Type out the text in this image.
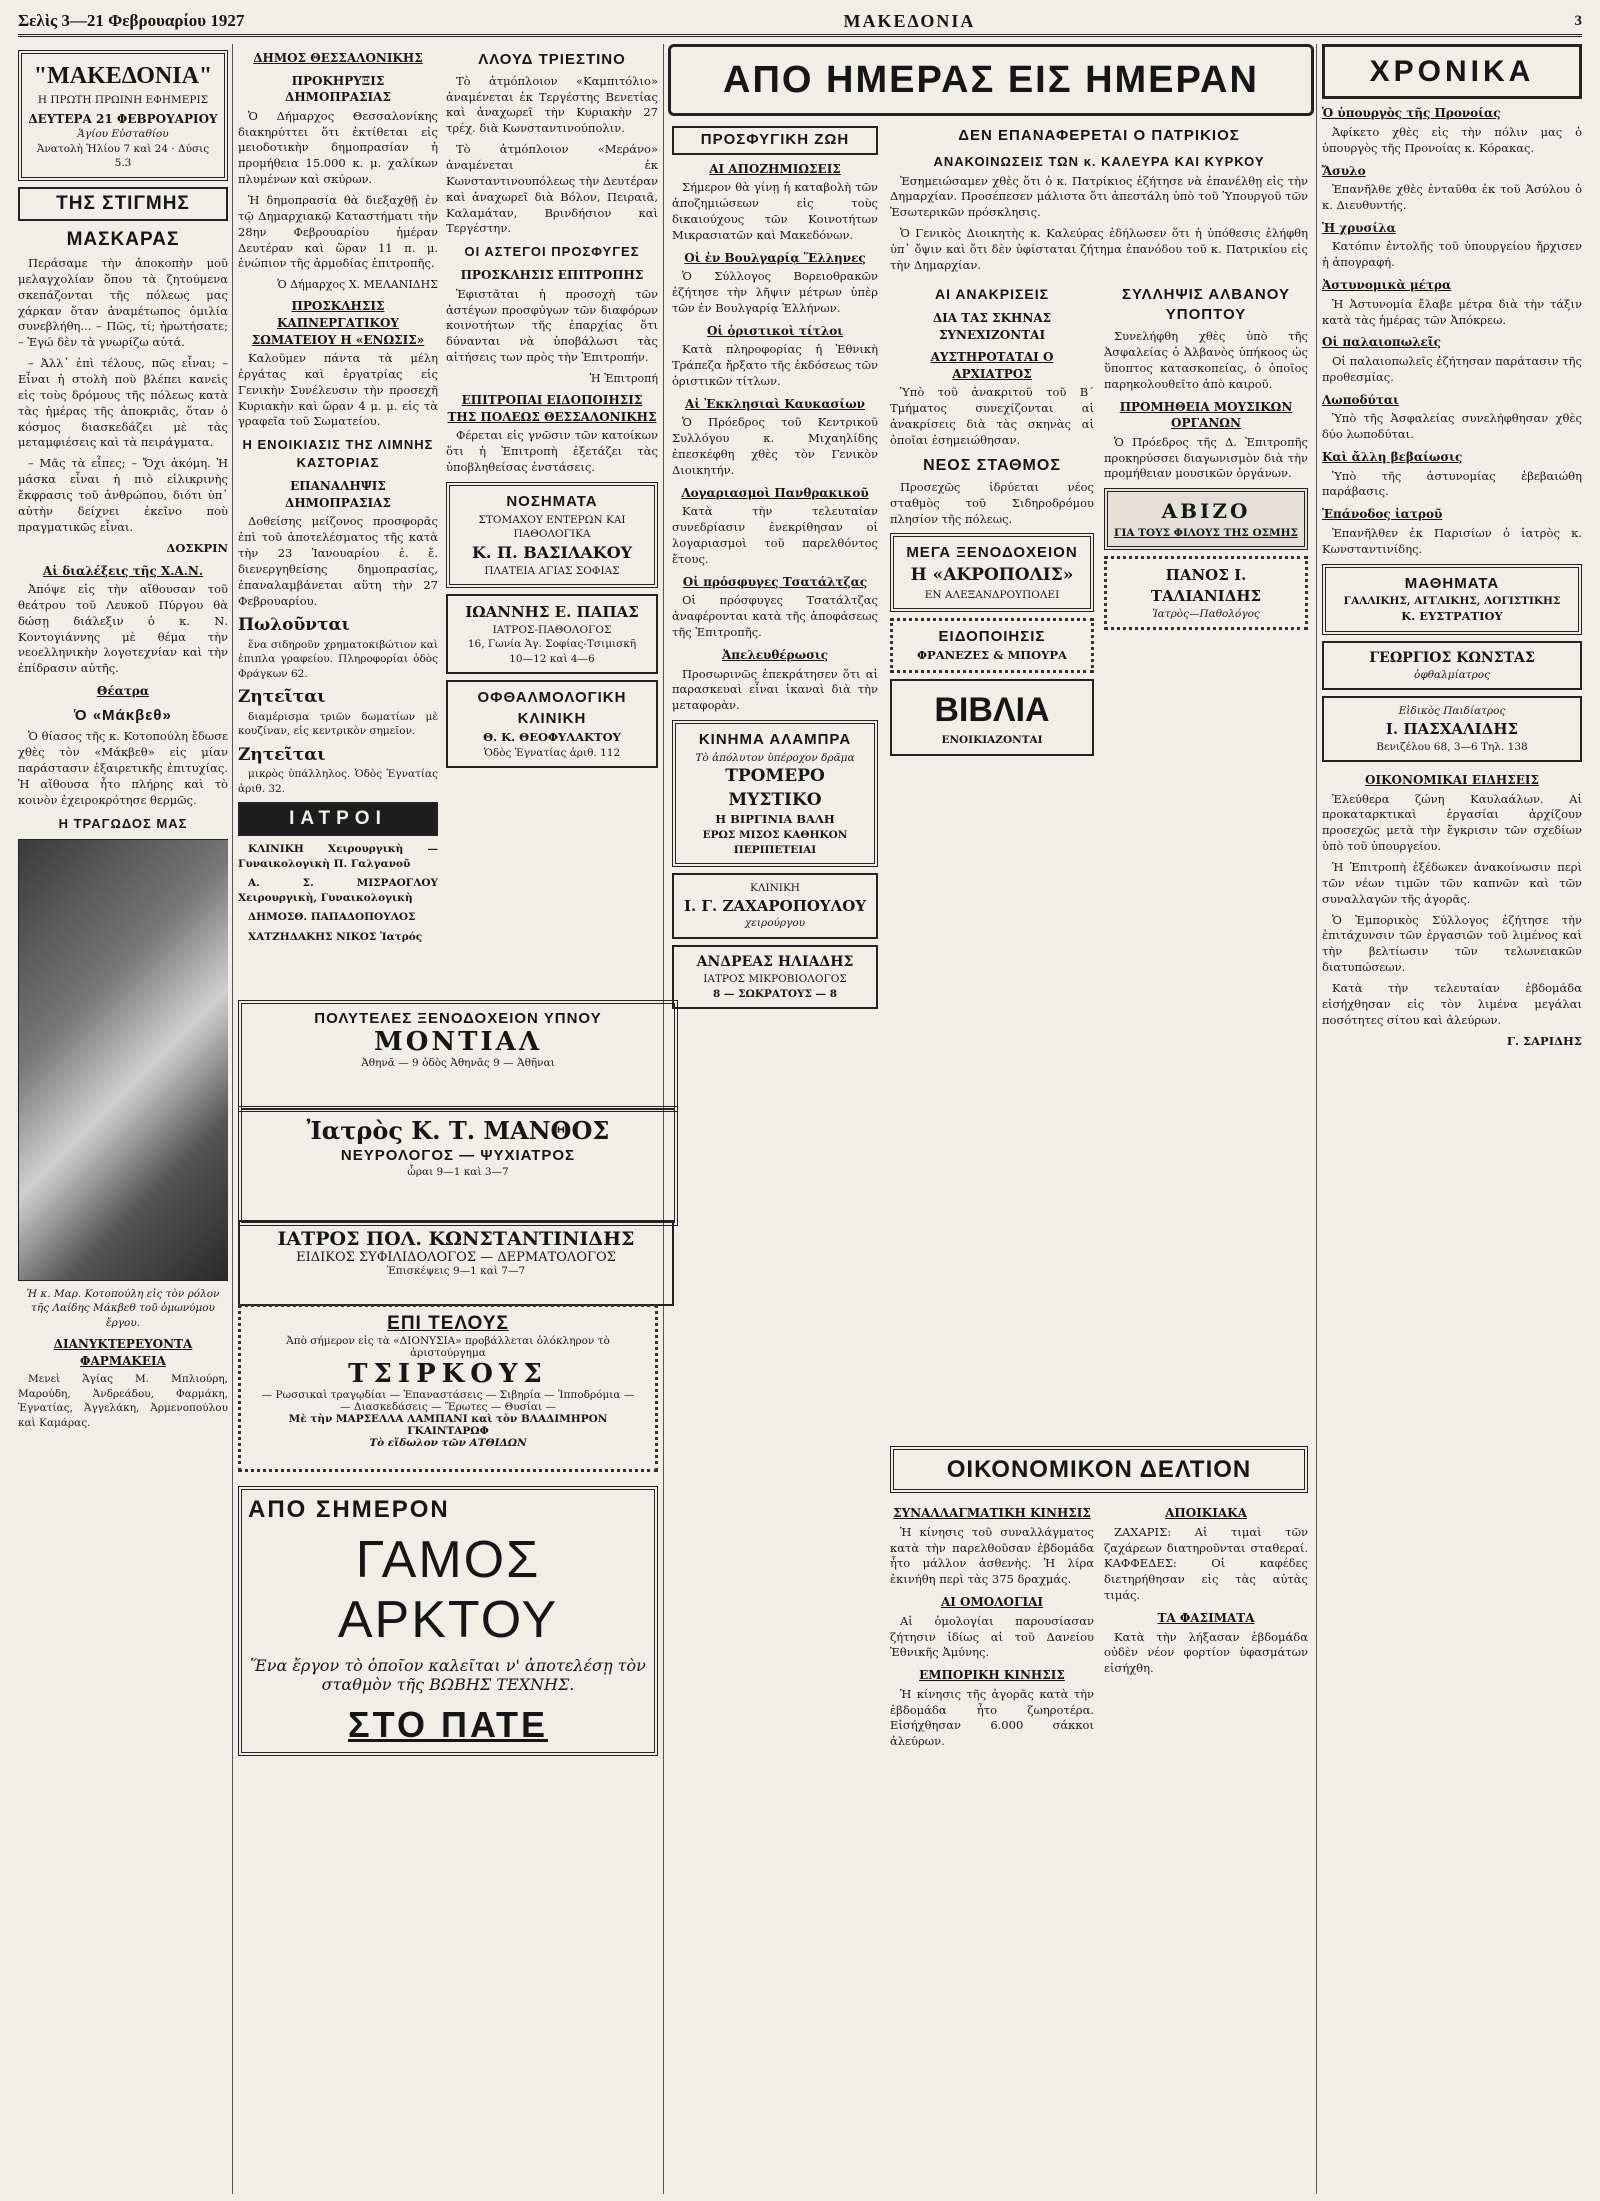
Σελὶς 3—21 Φεβρουαρίου 1927	ΜΑΚΕΔΟΝΙΑ	3
"ΜΑΚΕΔΟΝΙΑ"
Η ΠΡΩΤΗ ΠΡΩΙΝΗ ΕΦΗΜΕΡΙΣ
ΔΕΥΤΕΡΑ 21 ΦΕΒΡΟΥΑΡΙΟΥ
Ἁγίου Εὐσταθίου
Ἀνατολὴ Ἡλίου 7 καὶ 24 · Δύσις 5.3
ΤΗΣ ΣΤΙΓΜΗΣ
ΜΑΣΚΑΡΑΣ

Περάσαμε τὴν ἀποκοπὴν μοῦ μελαγχολίαν ὅπου τὰ ζητούμενα σκεπάζονται τῆς πόλεως μας χάρκαν ὅταν ἀναμέτωπος ὁμιλία συνεβλήθη... – Πῶς, τί; ἠρωτήσατε; – Ἐγώ δὲν τὰ γνωρίζω αὐτά.

– Ἀλλ᾽ ἐπὶ τέλους, πῶς εἶναι; – Εἶναι ἡ στολὴ ποὺ βλέπει κανεὶς εἰς τοὺς δρόμους τῆς πόλεως κατὰ τὰς ἡμέρας τῆς ἀποκριᾶς, ὅταν ὁ κόσμος διασκεδάζει μὲ τὰς μεταμφιέσεις καὶ τὰ πειράγματα.

– Μᾶς τὰ εἶπες; – Ὄχι ἀκόμη. Ἡ μάσκα εἶναι ἡ πιὸ εἰλικρινὴς ἔκφρασις τοῦ ἀνθρώπου, διότι ὑπ᾽ αὐτὴν δείχνει ἐκεῖνο ποὺ πραγματικῶς εἶναι.

ΔΟΣΚΡΙΝ
Αἱ διαλέξεις τῆς Χ.Α.Ν.

Ἀπόψε εἰς τὴν αἴθουσαν τοῦ θεάτρου τοῦ Λευκοῦ Πύργου θὰ δώσῃ διάλεξιν ὁ κ. Ν. Κοντογιάννης μὲ θέμα τὴν νεοελληνικὴν λογοτεχνίαν καὶ τὴν ἐπίδρασιν αὐτῆς.

Θέατρα
Ὁ «Μάκβεθ»

Ὁ θίασος τῆς κ. Κοτοπούλη ἔδωσε χθὲς τὸν «Μάκβεθ» εἰς μίαν παράστασιν ἐξαιρετικῆς ἐπιτυχίας. Ἡ αἴθουσα ἦτο πλήρης καὶ τὸ κοινὸν ἐχειροκρότησε θερμῶς.

Η ΤΡΑΓΩΔΟΣ ΜΑΣ
Ἡ κ. Μαρ. Κοτοπούλη εἰς τὸν ρόλον τῆς Λαίδης Μάκβεθ τοῦ ὁμωνύμου ἔργου.
ΔΙΑΝΥΚΤΕΡΕΥΟΝΤΑ ΦΑΡΜΑΚΕΙΑ

Μενεὶ Ἁγίας Μ. Μπλιούρη, Μαρούδη, Ἀνδρεάδου, Φαρμάκη, Ἐγνατίας, Ἀγγελάκη, Ἀρμενοπούλου καὶ Καμάρας.

ΔΗΜΟΣ ΘΕΣΣΑΛΟΝΙΚΗΣ
ΠΡΟΚΗΡΥΞΙΣ ΔΗΜΟΠΡΑΣΙΑΣ

Ὁ Δήμαρχος Θεσσαλονίκης διακηρύττει ὅτι ἐκτίθεται εἰς μειοδοτικὴν δημοπρασίαν ἡ προμήθεια 15.000 κ. μ. χαλίκων πλυμένων καὶ σκύρων.

Ἡ δημοπρασία θὰ διεξαχθῇ ἐν τῷ Δημαρχιακῷ Καταστήματι τὴν 28ην Φεβρουαρίου ἡμέραν Δευτέραν καὶ ὥραν 11 π. μ. ἐνώπιον τῆς ἁρμοδίας ἐπιτροπῆς.

Ὁ Δήμαρχος Χ. ΜΕΛΑΝΙΔΗΣ
ΠΡΟΣΚΛΗΣΙΣ ΚΑΠΝΕΡΓΑΤΙΚΟΥ ΣΩΜΑΤΕΙΟΥ Η «ΕΝΩΣΙΣ»

Καλοῦμεν πάντα τὰ μέλη ἐργάτας καὶ ἐργατρίας εἰς Γενικὴν Συνέλευσιν τὴν προσεχῆ Κυριακὴν καὶ ὥραν 4 μ. μ. εἰς τὰ γραφεῖα τοῦ Σωματείου.

Η ΕΝΟΙΚΙΑΣΙΣ ΤΗΣ ΛΙΜΝΗΣ ΚΑΣΤΟΡΙΑΣ
ΕΠΑΝΑΛΗΨΙΣ ΔΗΜΟΠΡΑΣΙΑΣ

Δοθείσης μείζονος προσφορᾶς ἐπὶ τοῦ ἀποτελέσματος τῆς κατὰ τὴν 23 Ἰανουαρίου ἐ. ἔ. διενεργηθείσης δημοπρασίας, ἐπαναλαμβάνεται αὕτη τὴν 27 Φεβρουαρίου.

Πωλοῦνται

ἕνα σιδηροῦν χρηματοκιβώτιον καὶ ἐπιπλα γραφείου. Πληροφορίαι ὁδὸς Φράγκων 62.

Ζητεῖται

διαμέρισμα τριῶν δωματίων μὲ κουζίναν, εἰς κεντρικὸν σημεῖον.

Ζητεῖται

μικρὸς ὑπάλληλος. Ὁδὸς Ἐγνατίας ἀριθ. 32.

ΙΑΤΡΟΙ

ΚΛΙΝΙΚΗ Χειρουργικὴ — Γυναικολογικὴ Π. Γαλγανοῦ

Α. Σ. ΜΙΣΡΑΟΓΛΟΥ Χειρουργικὴ, Γυναικολογικὴ

ΔΗΜΟΣΘ. ΠΑΠΑΔΟΠΟΥΛΟΣ

ΧΑΤΖΗΔΑΚΗΣ ΝΙΚΟΣ Ἰατρός

ΛΛΟΥΔ ΤΡΙΕΣΤΙΝΟ

Τὸ ἀτμόπλοιον «Καμπιτόλιο» ἀναμένεται ἐκ Τεργέστης Βενετίας καὶ ἀναχωρεῖ τὴν Κυριακὴν 27 τρέχ. διὰ Κωνσταντινούπολιν.

Τὸ ἀτμόπλοιον «Μεράνο» ἀναμένεται ἐκ Κωνσταντινουπόλεως τὴν Δευτέραν καὶ ἀναχωρεῖ διὰ Βόλον, Πειραιᾶ, Καλαμάταν, Βρινδήσιον καὶ Τεργέστην.

ΟΙ ΑΣΤΕΓΟΙ ΠΡΟΣΦΥΓΕΣ
ΠΡΟΣΚΛΗΣΙΣ ΕΠΙΤΡΟΠΗΣ

Ἐφιστᾶται ἡ προσοχὴ τῶν ἀστέγων προσφύγων τῶν διαφόρων κοινοτήτων τῆς ἐπαρχίας ὅτι δύνανται νὰ ὑποβάλωσι τὰς αἰτήσεις των πρὸς τὴν Ἐπιτροπήν.

Ἡ Ἐπιτροπή
ΕΠΙΤΡΟΠΑΙ ΕΙΔΟΠΟΙΗΣΙΣ ΤΗΣ ΠΟΛΕΩΣ ΘΕΣΣΑΛΟΝΙΚΗΣ

Φέρεται εἰς γνῶσιν τῶν κατοίκων ὅτι ἡ Ἐπιτροπὴ ἐξετάζει τὰς ὑποβληθείσας ἐνστάσεις.

ΝΟΣΗΜΑΤΑ
ΣΤΟΜΑΧΟΥ ΕΝΤΕΡΩΝ ΚΑΙ ΠΑΘΟΛΟΓΙΚΑ
Κ. Π. ΒΑΣΙΛΑΚΟΥ
ΠΛΑΤΕΙΑ ΑΓΙΑΣ ΣΟΦΙΑΣ
ΙΩΑΝΝΗΣ Ε. ΠΑΠΑΣ
ΙΑΤΡΟΣ-ΠΑΘΟΛΟΓΟΣ
16, Γωνία Ἁγ. Σοφίας-Τσιμισκῆ
10—12 καὶ 4—6
ΟΦΘΑΛΜΟΛΟΓΙΚΗ ΚΛΙΝΙΚΗ
Θ. Κ. ΘΕΟΦΥΛΑΚΤΟΥ
Ὁδὸς Ἐγνατίας ἀριθ. 112
ΠΟΛΥΤΕΛΕΣ ΞΕΝΟΔΟΧΕΙΟΝ ΥΠΝΟΥ
ΜΟΝΤΙΑΛ
Ἀθηνᾶ — 9 ὁδὸς Ἀθηνᾶς 9 — Ἀθῆναι
Ἰατρὸς Κ. Τ. ΜΑΝΘΟΣ
ΝΕΥΡΟΛΟΓΟΣ — ΨΥΧΙΑΤΡΟΣ
ὧραι 9—1 καὶ 3—7
ΙΑΤΡΟΣ ΠΟΛ. ΚΩΝΣΤΑΝΤΙΝΙΔΗΣ
ΕΙΔΙΚΟΣ ΣΥΦΙΛΙΔΟΛΟΓΟΣ — ΔΕΡΜΑΤΟΛΟΓΟΣ
Ἐπισκέψεις 9—1 καὶ 7—7
ΕΠΙ ΤΕΛΟΥΣ
Ἀπὸ σήμερον εἰς τὰ «ΔΙΟΝΥΣΙΑ» προβάλλεται ὁλόκληρον τὸ ἀριστούργημα
ΤΣΙΡΚΟΥΣ
— Ρωσσικαὶ τραγῳδίαι — Ἐπαναστάσεις — Σιβηρία — Ἱπποδρόμια —
— Διασκεδάσεις — Ἔρωτες — Θυσίαι —
Μὲ τὴν ΜΑΡΣΕΛΛΑ ΛΑΜΠΑΝΙ καὶ τὸν ΒΛΑΔΙΜΗΡΟΝ ΓΚΑΙΝΤΑΡΩΦ
Τὸ εἴδωλον τῶν ΑΤΘΙΔΩΝ
ΑΠΟ ΣΗΜΕΡΟΝ
ΓΑΜΟΣ ΑΡΚΤΟΥ
Ἕνα ἔργον τὸ ὁποῖον καλεῖται ν' ἀποτελέσῃ τὸν σταθμὸν τῆς ΒΩΒΗΣ ΤΕΧΝΗΣ.
ΣΤΟ ΠΑΤΕ
ΑΠΟ ΗΜΕΡΑΣ ΕΙΣ ΗΜΕΡΑΝ
ΠΡΟΣΦΥΓΙΚΗ ΖΩΗ
ΑΙ ΑΠΟΖΗΜΙΩΣΕΙΣ

Σήμερον θὰ γίνῃ ἡ καταβολὴ τῶν ἀποζημιώσεων εἰς τοὺς δικαιούχους τῶν Κοινοτήτων Μικρασιατῶν καὶ Μακεδόνων.

Οἱ ἐν Βουλγαρίᾳ Ἕλληνες

Ὁ Σύλλογος Βορειοθρακῶν ἐζήτησε τὴν λῆψιν μέτρων ὑπὲρ τῶν ἐν Βουλγαρίᾳ Ἑλλήνων.

Οἱ ὁριστικοὶ τίτλοι

Κατὰ πληροφορίας ἡ Ἐθνικὴ Τράπεζα ἤρξατο τῆς ἐκδόσεως τῶν ὁριστικῶν τίτλων.

Αἱ Ἐκκλησιαὶ Καυκασίων

Ὁ Πρόεδρος τοῦ Κεντρικοῦ Συλλόγου κ. Μιχαηλίδης ἐπεσκέφθη χθὲς τὸν Γενικὸν Διοικητήν.

Λογαριασμοὶ Πανθρακικοῦ

Κατὰ τὴν τελευταίαν συνεδρίασιν ἐνεκρίθησαν οἱ λογαριασμοὶ τοῦ παρελθόντος ἔτους.

Οἱ πρόσφυγες Τσατάλτζας

Οἱ πρόσφυγες Τσατάλτζας ἀναφέρονται κατὰ τῆς ἀποφάσεως τῆς Ἐπιτροπῆς.

Ἀπελευθέρωσις

Προσωρινῶς ἐπεκράτησεν ὅτι αἱ παρασκευαὶ εἶναι ἱκαναὶ διὰ τὴν μεταφορὰν.

ΚΙΝΗΜΑ ΑΛΑΜΠΡΑ
Τὸ ἀπόλυτον ὑπέροχον δρᾶμα
ΤΡΟΜΕΡΟ ΜΥΣΤΙΚΟ
Η ΒΙΡΓΙΝΙΑ ΒΑΛΗ
ΕΡΩΣ ΜΙΣΟΣ ΚΑΘΗΚΟΝ ΠΕΡΙΠΕΤΕΙΑΙ
ΚΛΙΝΙΚΗ
Ι. Γ. ΖΑΧΑΡΟΠΟΥΛΟΥ
χειρούργου
ΑΝΔΡΕΑΣ ΗΛΙΑΔΗΣ
ΙΑΤΡΟΣ ΜΙΚΡΟΒΙΟΛΟΓΟΣ
8 — ΣΩΚΡΑΤΟΥΣ — 8
ΔΕΝ ΕΠΑΝΑΦΕΡΕΤΑΙ Ο ΠΑΤΡΙΚΙΟΣ
ΑΝΑΚΟΙΝΩΣΕΙΣ ΤΩΝ κ. ΚΑΛΕΥΡΑ ΚΑΙ ΚΥΡΚΟΥ

Ἐσημειώσαμεν χθὲς ὅτι ὁ κ. Πατρίκιος ἐζήτησε νὰ ἐπανέλθῃ εἰς τὴν Δημαρχίαν. Προσέπεσεν μάλιστα ὅτι ἀπεστάλη ὑπὸ τοῦ Ὑπουργοῦ τῶν Ἐσωτερικῶν πρόσκλησις.

Ὁ Γενικὸς Διοικητὴς κ. Καλεύρας ἐδήλωσεν ὅτι ἡ ὑπόθεσις ἐλήφθη ὑπ᾽ ὄψιν καὶ ὅτι δὲν ὑφίσταται ζήτημα ἐπανόδου τοῦ κ. Πατρικίου εἰς τὴν Δημαρχίαν.

ΑΙ ΑΝΑΚΡΙΣΕΙΣ
ΔΙΑ ΤΑΣ ΣΚΗΝΑΣ ΣΥΝΕΧΙΖΟΝΤΑΙ
ΑΥΣΤΗΡΟΤΑΤΑΙ Ο ΑΡΧΙΑΤΡΟΣ

Ὑπὸ τοῦ ἀνακριτοῦ τοῦ Β´ Τμήματος συνεχίζονται αἱ ἀνακρίσεις διὰ τὰς σκηνὰς αἱ ὁποῖαι ἐσημειώθησαν.

ΝΕΟΣ ΣΤΑΘΜΟΣ

Προσεχῶς ἱδρύεται νέος σταθμὸς τοῦ Σιδηροδρόμου πλησίον τῆς πόλεως.

ΜΕΓΑ ΞΕΝΟΔΟΧΕΙΟΝ
Η «ΑΚΡΟΠΟΛΙΣ»
ΕΝ ΑΛΕΞΑΝΔΡΟΥΠΟΛΕΙ
ΕΙΔΟΠΟΙΗΣΙΣ
ΦΡΑΝΕΖΕΣ & ΜΠΟΥΡΑ
ΒΙΒΛΙΑ
ΕΝΟΙΚΙΑΖΟΝΤΑΙ
ΣΥΛΛΗΨΙΣ ΑΛΒΑΝΟΥ ΥΠΟΠΤΟΥ

Συνελήφθη χθὲς ὑπὸ τῆς Ἀσφαλείας ὁ Ἀλβανὸς ὑπήκοος ὡς ὕποπτος κατασκοπείας, ὁ ὁποῖος παρηκολουθεῖτο ἀπὸ καιροῦ.

ΠΡΟΜΗΘΕΙΑ ΜΟΥΣΙΚΩΝ ΟΡΓΑΝΩΝ

Ὁ Πρόεδρος τῆς Δ. Ἐπιτροπῆς προκηρύσσει διαγωνισμὸν διὰ τὴν προμήθειαν μουσικῶν ὀργάνων.

ΑΒΙΖΟ
ΓΙΑ ΤΟΥΣ ΦΙΛΟΥΣ ΤΗΣ ΟΣΜΗΣ
ΠΑΝΟΣ Ι. ΤΑΛΙΑΝΙΔΗΣ
Ἰατρὸς—Παθολόγος
ΟΙΚΟΝΟΜΙΚΟΝ ΔΕΛΤΙΟΝ
ΣΥΝΑΛΛΑΓΜΑΤΙΚΗ ΚΙΝΗΣΙΣ

Ἡ κίνησις τοῦ συναλλάγματος κατὰ τὴν παρελθοῦσαν ἑβδομάδα ἦτο μάλλον ἀσθενὴς. Ἡ λίρα ἐκινήθη περὶ τὰς 375 δραχμάς.

ΑΙ ΟΜΟΛΟΓΙΑΙ

Αἱ ὁμολογίαι παρουσίασαν ζήτησιν ἰδίως αἱ τοῦ Δανείου Ἐθνικῆς Ἀμύνης.

ΕΜΠΟΡΙΚΗ ΚΙΝΗΣΙΣ

Ἡ κίνησις τῆς ἀγορᾶς κατὰ τὴν ἑβδομάδα ἦτο ζωηροτέρα. Εἰσήχθησαν 6.000 σάκκοι ἀλεύρων.

ΑΠΟΙΚΙΑΚΑ

ΖΑΧΑΡΙΣ: Αἱ τιμαὶ τῶν ζαχάρεων διατηροῦνται σταθεραί. ΚΑΦΦΕΔΕΣ: Οἱ καφέδες διετηρήθησαν εἰς τὰς αὐτὰς τιμάς.

ΤΑ ΦΑΣΙΜΑΤΑ

Κατὰ τὴν λήξασαν ἑβδομάδα οὐδὲν νέον φορτίον ὑφασμάτων εἰσήχθη.

ΧΡΟΝΙΚΑ
Ὁ ὑπουργὸς τῆς Προνοίας

Ἀφίκετο χθὲς εἰς τὴν πόλιν μας ὁ ὑπουργὸς τῆς Προνοίας κ. Κόρακας.

Ἄσυλο

Ἐπανῆλθε χθὲς ἐνταῦθα ἐκ τοῦ Ἀσύλου ὁ κ. Διευθυντής.

Ἡ χρυσίλα

Κατόπιν ἐντολῆς τοῦ ὑπουργείου ἤρχισεν ἡ ἀπογραφή.

Ἀστυνομικὰ μέτρα

Ἡ Ἀστυνομία ἔλαβε μέτρα διὰ τὴν τάξιν κατὰ τὰς ἡμέρας τῶν Ἀπόκρεω.

Οἱ παλαιοπωλεῖς

Οἱ παλαιοπωλεῖς ἐζήτησαν παράτασιν τῆς προθεσμίας.

Λωποδύται

Ὑπὸ τῆς Ἀσφαλείας συνελήφθησαν χθὲς δύο λωποδύται.

Καὶ ἄλλη βεβαίωσις

Ὑπὸ τῆς ἀστυνομίας ἐβεβαιώθη παράβασις.

Ἐπάνοδος ἰατροῦ

Ἐπανῆλθεν ἐκ Παρισίων ὁ ἰατρὸς κ. Κωνσταντινίδης.

ΜΑΘΗΜΑΤΑ
ΓΑΛΛΙΚΗΣ, ΑΓΓΛΙΚΗΣ, ΛΟΓΙΣΤΙΚΗΣ
Κ. ΕΥΣΤΡΑΤΙΟΥ
ΓΕΩΡΓΙΟΣ ΚΩΝΣΤΑΣ
ὀφθαλμίατρος
Εἰδικὸς Παιδίατρος
Ι. ΠΑΣΧΑΛΙΔΗΣ
Βενιζέλου 68, 3—6 Τηλ. 138
ΟΙΚΟΝΟΜΙΚΑΙ ΕΙΔΗΣΕΙΣ

Ἐλεύθερα ζώνη Καυλαάλων. Αἱ προκαταρκτικαὶ ἐργασίαι ἀρχίζουν προσεχῶς μετὰ τὴν ἔγκρισιν τῶν σχεδίων ὑπὸ τοῦ ὑπουργείου.

Ἡ Ἐπιτροπὴ ἐξέδωκεν ἀνακοίνωσιν περὶ τῶν νέων τιμῶν τῶν καπνῶν καὶ τῶν συναλλαγῶν τῆς ἀγορᾶς.

Ὁ Ἐμπορικὸς Σύλλογος ἐζήτησε τὴν ἐπιτάχυνσιν τῶν ἐργασιῶν τοῦ λιμένος καὶ τὴν βελτίωσιν τῶν τελωνειακῶν διατυπώσεων.

Κατὰ τὴν τελευταίαν ἑβδομάδα εἰσήχθησαν εἰς τὸν λιμένα μεγάλαι ποσότητες σίτου καὶ ἀλεύρων.

Γ. ΣΑΡΙΔΗΣ
